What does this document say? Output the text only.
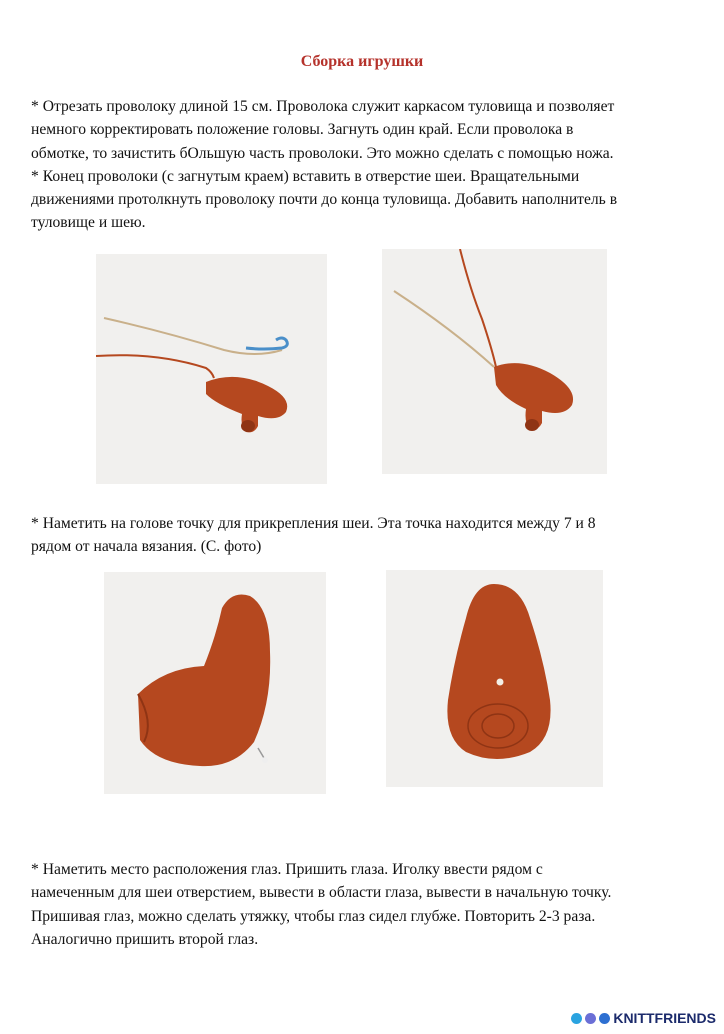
Сборка игрушки

* Отрезать проволоку длиной 15 см. Проволока служит каркасом туловища и позволяет
немного корректировать положение головы. Загнуть один край. Если проволока в
обмотке, то зачистить бОльшую часть проволоки. Это можно сделать с помощью ножа.
* Конец проволоки (с загнутым краем) вставить в отверстие шеи. Вращательными
движениями протолкнуть проволоку почти до конца туловища. Добавить наполнитель в
туловище и шею.

* Наметить на голове точку для прикрепления шеи. Эта точка находится между 7 и 8
рядом от начала вязания. (С. фото)

* Наметить место расположения глаз. Пришить глаза. Иголку ввести рядом с
намеченным для шеи отверстием, вывести в области глаза, вывести в начальную точку.
Пришивая глаз, можно сделать утяжку, чтобы глаз сидел глубже. Повторить 2-3 раза.
Аналогично пришить второй глаз.

KNITTFRIENDS
